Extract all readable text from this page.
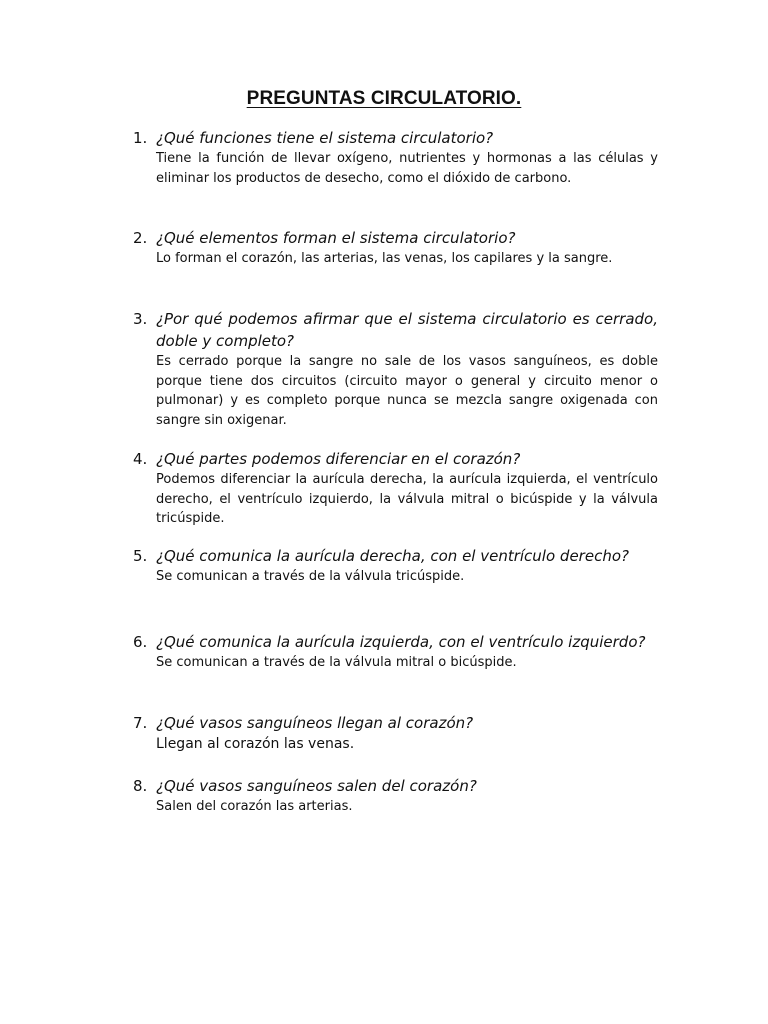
PREGUNTAS CIRCULATORIO.
1. ¿Qué funciones tiene el sistema circulatorio?
Tiene la función de llevar oxígeno, nutrientes y hormonas a las células y eliminar los productos de desecho, como el dióxido de carbono.
2. ¿Qué elementos forman el sistema circulatorio?
Lo forman el corazón, las arterias, las venas, los capilares y la sangre.
3. ¿Por qué podemos afirmar que el sistema circulatorio es cerrado, doble y completo?
Es cerrado porque la sangre no sale de los vasos sanguíneos, es doble porque tiene dos circuitos (circuito mayor o general y circuito menor o pulmonar) y es completo porque nunca se mezcla sangre oxigenada con sangre sin oxigenar.
4. ¿Qué partes podemos diferenciar en el corazón?
Podemos diferenciar la aurícula derecha, la aurícula izquierda, el ventrículo derecho, el ventrículo izquierdo, la válvula mitral o bicúspide y la válvula tricúspide.
5. ¿Qué comunica la aurícula derecha, con el ventrículo derecho?
Se comunican a través de la válvula tricúspide.
6. ¿Qué comunica la aurícula izquierda, con el ventrículo izquierdo?
Se comunican a través de la válvula mitral o bicúspide.
7. ¿Qué vasos sanguíneos llegan al corazón?
Llegan al corazón las venas.
8. ¿Qué vasos sanguíneos salen del corazón?
Salen del corazón las arterias.
